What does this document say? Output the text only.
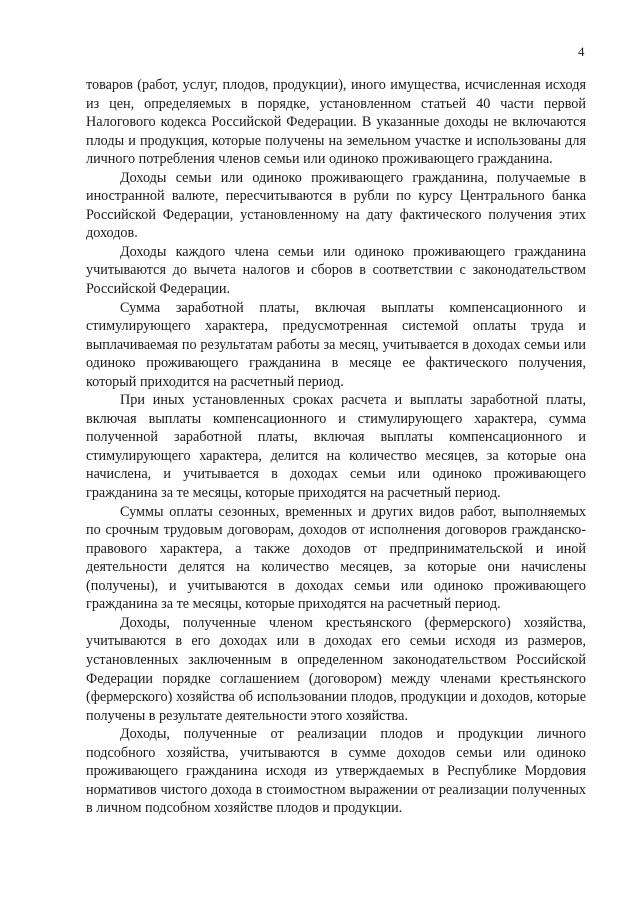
4

товаров (работ, услуг, плодов, продукции), иного имущества, исчисленная исходя из цен, определяемых в порядке, установленном статьей 40 части первой Налогового кодекса Российской Федерации. В указанные доходы не включаются плоды и продукция, которые получены на земельном участке и использованы для личного потребления членов семьи или одиноко проживающего гражданина.

Доходы семьи или одиноко проживающего гражданина, получаемые в иностранной валюте, пересчитываются в рубли по курсу Центрального банка Российской Федерации, установленному на дату фактического получения этих доходов.

Доходы каждого члена семьи или одиноко проживающего гражданина учитываются до вычета налогов и сборов в соответствии с законодательством Российской Федерации.

Сумма заработной платы, включая выплаты компенсационного и стимулирующего характера, предусмотренная системой оплаты труда и выплачиваемая по результатам работы за месяц, учитывается в доходах семьи или одиноко проживающего гражданина в месяце ее фактического получения, который приходится на расчетный период.

При иных установленных сроках расчета и выплаты заработной платы, включая выплаты компенсационного и стимулирующего характера, сумма полученной заработной платы, включая выплаты компенсационного и стимулирующего характера, делится на количество месяцев, за которые она начислена, и учитывается в доходах семьи или одиноко проживающего гражданина за те месяцы, которые приходятся на расчетный период.

Суммы оплаты сезонных, временных и других видов работ, выполняемых по срочным трудовым договорам, доходов от исполнения договоров гражданско-правового характера, а также доходов от предпринимательской и иной деятельности делятся на количество месяцев, за которые они начислены (получены), и учитываются в доходах семьи или одиноко проживающего гражданина за те месяцы, которые приходятся на расчетный период.

Доходы, полученные членом крестьянского (фермерского) хозяйства, учитываются в его доходах или в доходах его семьи исходя из размеров, установленных заключенным в определенном законодательством Российской Федерации порядке соглашением (договором) между членами крестьянского (фермерского) хозяйства об использовании плодов, продукции и доходов, которые получены в результате деятельности этого хозяйства.

Доходы, полученные от реализации плодов и продукции личного подсобного хозяйства, учитываются в суммe доходов семьи или одиноко проживающего гражданина исходя из утверждаемых в Республике Мордовия нормативов чистого дохода в стоимостном выражении от реализации полученных в личном подсобном хозяйстве плодов и продукции.
